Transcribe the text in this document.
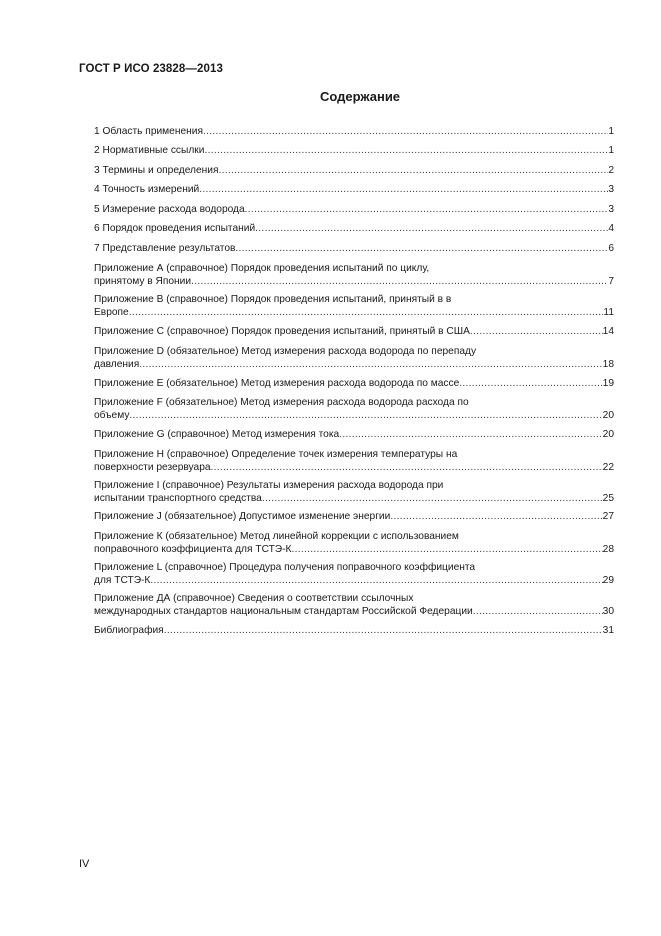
ГОСТ Р ИСО 23828—2013
Содержание
1 Область применения .....	1
2 Нормативные ссылки .....	1
3 Термины и определения .....	2
4 Точность измерений .....	3
5 Измерение расхода водорода .....	3
6 Порядок проведения испытаний .....	4
7 Представление результатов .....	6
Приложение А (справочное) Порядок проведения испытаний по циклу,
принятому в Японии .....	7
Приложение В (справочное) Порядок проведения испытаний, принятый в в
Европе .....	11
Приложение С (справочное) Порядок проведения испытаний, принятый в США .....	14
Приложение D (обязательное) Метод измерения расхода водорода по перепаду
давления .....	18
Приложение Е (обязательное) Метод измерения расхода водорода по массе .....	19
Приложение F (обязательное) Метод измерения расхода водорода расхода по
объему .....	20
Приложение G (справочное) Метод измерения тока .....	20
Приложение Н (справочное) Определение точек измерения температуры на
поверхности резервуара .....	22
Приложение I (справочное) Результаты измерения расхода водорода при
испытании транспортного средства .....	25
Приложение J (обязательное) Допустимое изменение энергии .....	27
Приложение К (обязательное) Метод линейной коррекции с использованием
поправочного коэффициента для ТСТЭ-К .....	28
Приложение L (справочное) Процедура получения поправочного коэффициента
для ТСТЭ-К .....	29
Приложение ДА (справочное) Сведения о соответствии ссылочных
международных стандартов национальным стандартам Российской Федерации .....	30
Библиография .....	31
IV
